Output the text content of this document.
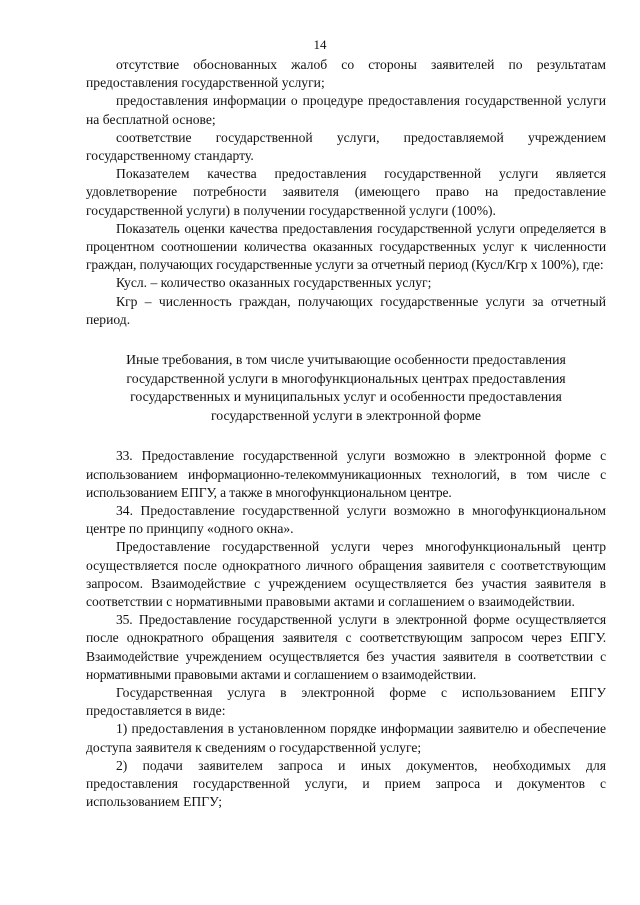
14

отсутствие обоснованных жалоб со стороны заявителей по результатам предоставления государственной услуги;

предоставления информации о процедуре предоставления государственной услуги на бесплатной основе;

соответствие государственной услуги, предоставляемой учреждением государственному стандарту.

Показателем качества предоставления государственной услуги является удовлетворение потребности заявителя (имеющего право на предоставление государственной услуги) в получении государственной услуги (100%).

Показатель оценки качества предоставления государственной услуги определяется в процентном соотношении количества оказанных государственных услуг к численности граждан, получающих государственные услуги за отчетный период (Кусл/Кгр х 100%), где:

Кусл. – количество оказанных государственных услуг;

Кгр – численность граждан, получающих государственные услуги за отчетный период.

Иные требования, в том числе учитывающие особенности предоставления государственной услуги в многофункциональных центрах предоставления государственных и муниципальных услуг и особенности предоставления государственной услуги в электронной форме

33. Предоставление государственной услуги возможно в электронной форме с использованием информационно-телекоммуникационных технологий, в том числе с использованием ЕПГУ, а также в многофункциональном центре.

34. Предоставление государственной услуги возможно в многофункциональном центре по принципу «одного окна».

Предоставление государственной услуги через многофункциональный центр осуществляется после однократного личного обращения заявителя с соответствующим запросом. Взаимодействие с учреждением осуществляется без участия заявителя в соответствии с нормативными правовыми актами и соглашением о взаимодействии.

35. Предоставление государственной услуги в электронной форме осуществляется после однократного обращения заявителя с соответствующим запросом через ЕПГУ. Взаимодействие учреждением осуществляется без участия заявителя в соответствии с нормативными правовыми актами и соглашением о взаимодействии.

Государственная услуга в электронной форме с использованием ЕПГУ предоставляется в виде:

1) предоставления в установленном порядке информации заявителю и обеспечение доступа заявителя к сведениям о государственной услуге;

2) подачи заявителем запроса и иных документов, необходимых для предоставления государственной услуги, и прием запроса и документов с использованием ЕПГУ;
